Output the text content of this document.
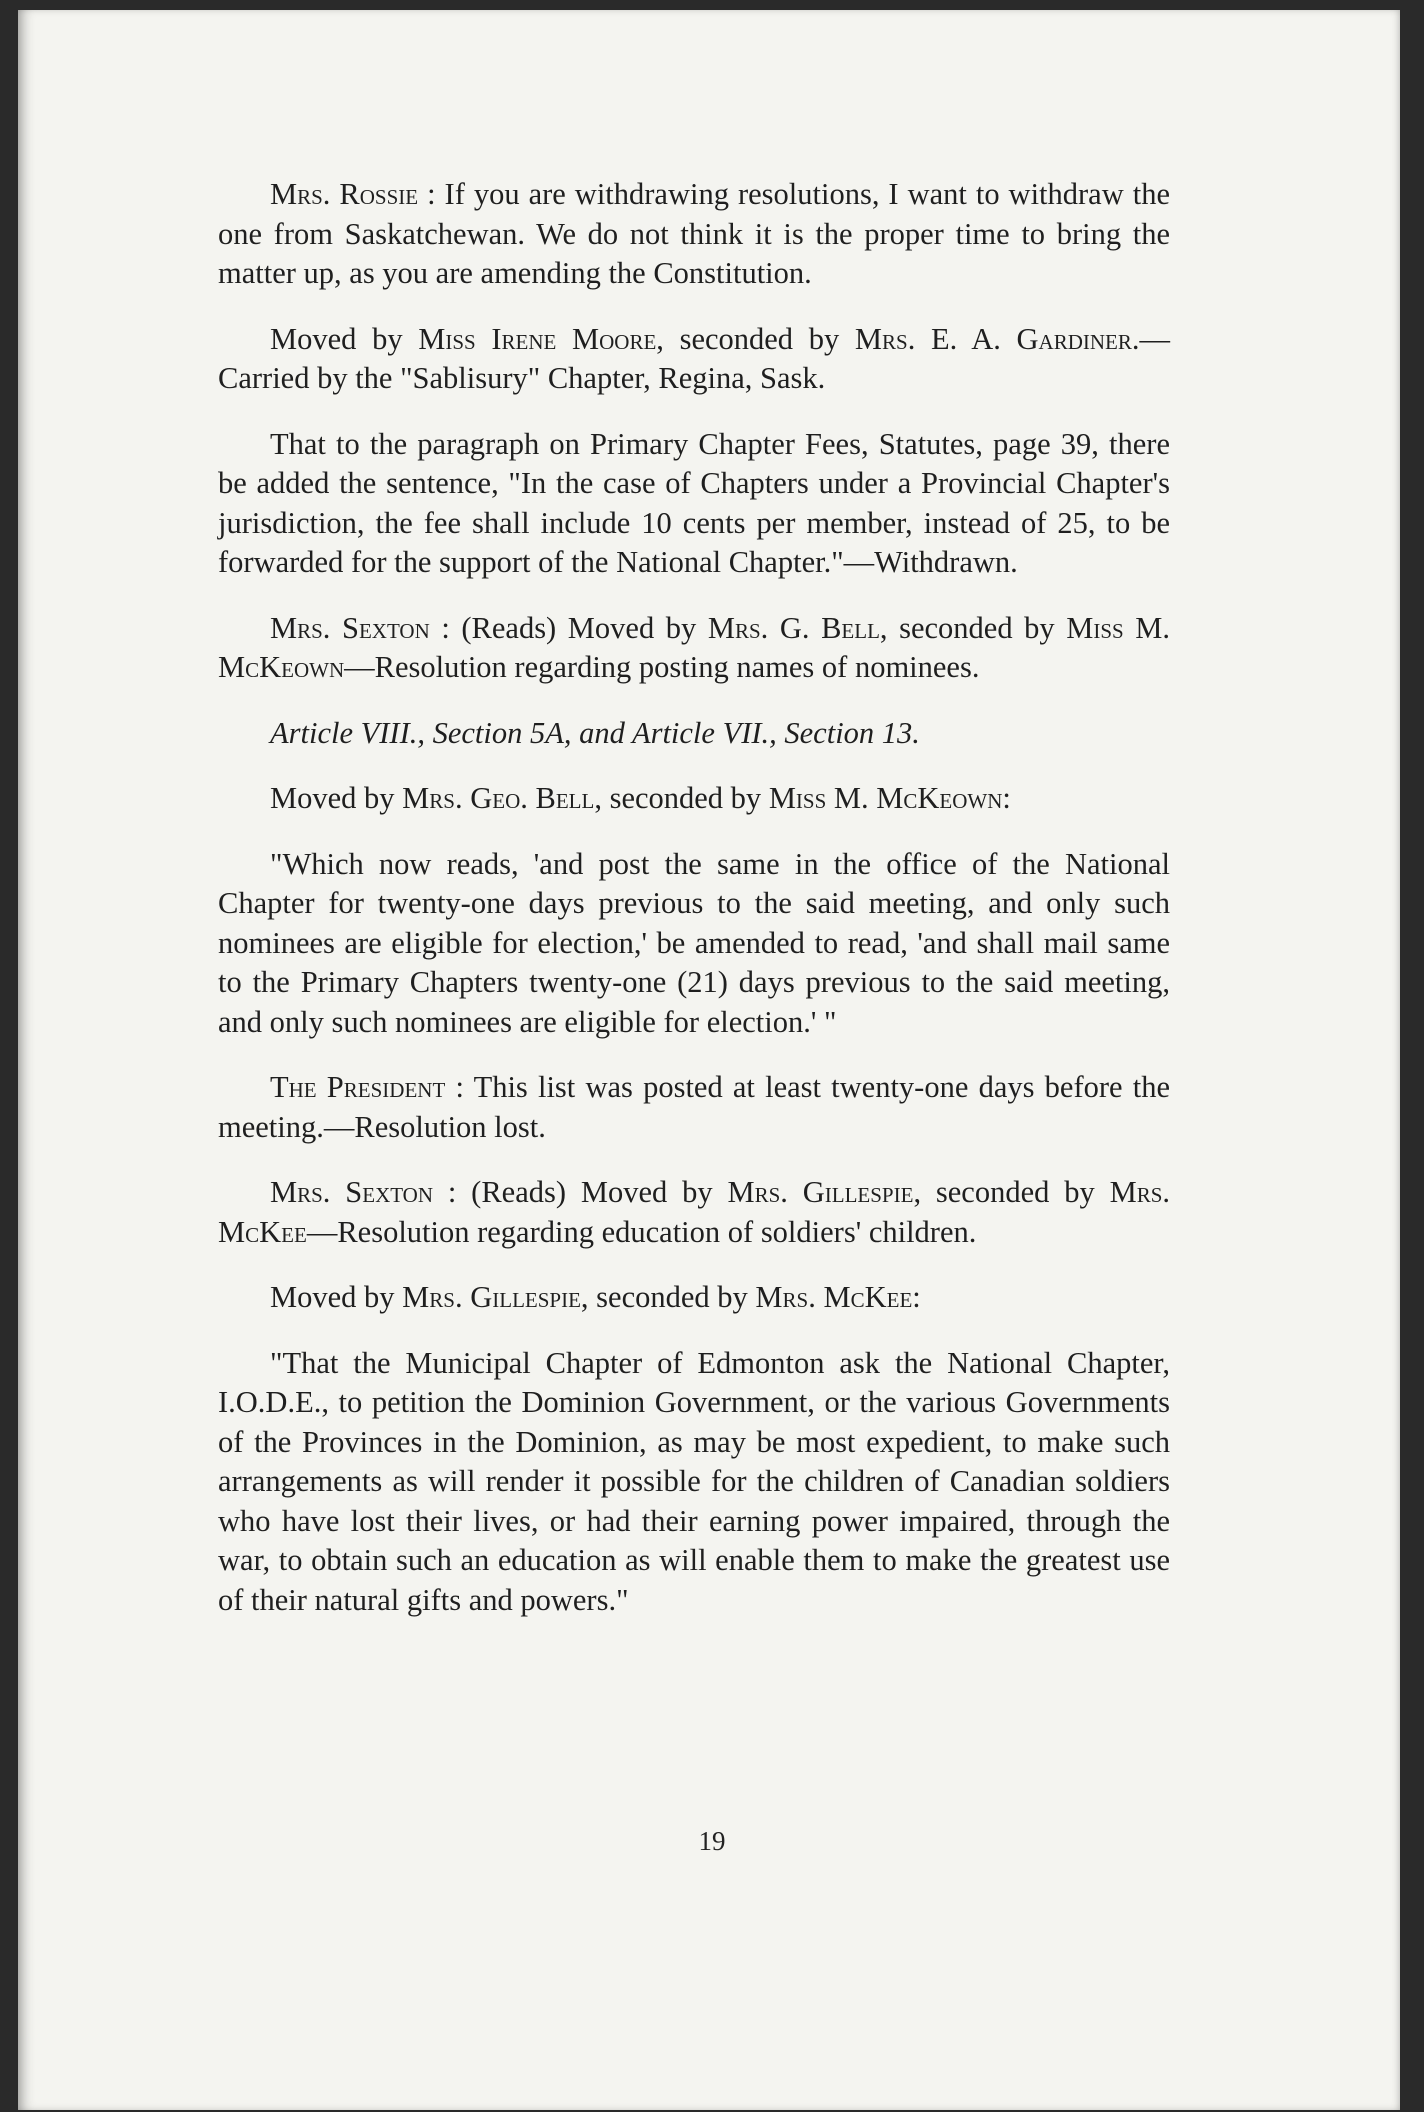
Mrs. Rossie : If you are withdrawing resolutions, I want to withdraw the one from Saskatchewan. We do not think it is the proper time to bring the matter up, as you are amending the Constitution.

Moved by Miss Irene Moore, seconded by Mrs. E. A. Gardiner.—Carried by the "Sablisury" Chapter, Regina, Sask.

That to the paragraph on Primary Chapter Fees, Statutes, page 39, there be added the sentence, "In the case of Chapters under a Provincial Chapter's jurisdiction, the fee shall include 10 cents per member, instead of 25, to be forwarded for the support of the National Chapter."—Withdrawn.

Mrs. Sexton : (Reads) Moved by Mrs. G. Bell, seconded by Miss M. McKeown—Resolution regarding posting names of nominees.

Article VIII., Section 5A, and Article VII., Section 13.

Moved by Mrs. Geo. Bell, seconded by Miss M. McKeown:

"Which now reads, 'and post the same in the office of the National Chapter for twenty-one days previous to the said meeting, and only such nominees are eligible for election,' be amended to read, 'and shall mail same to the Primary Chapters twenty-one (21) days previous to the said meeting, and only such nominees are eligible for election.' "

The President : This list was posted at least twenty-one days before the meeting.—Resolution lost.

Mrs. Sexton : (Reads) Moved by Mrs. Gillespie, seconded by Mrs. McKee—Resolution regarding education of soldiers' children.

Moved by Mrs. Gillespie, seconded by Mrs. McKee:

"That the Municipal Chapter of Edmonton ask the National Chapter, I.O.D.E., to petition the Dominion Government, or the various Governments of the Provinces in the Dominion, as may be most expedient, to make such arrangements as will render it possible for the children of Canadian soldiers who have lost their lives, or had their earning power impaired, through the war, to obtain such an education as will enable them to make the greatest use of their natural gifts and powers."

19
